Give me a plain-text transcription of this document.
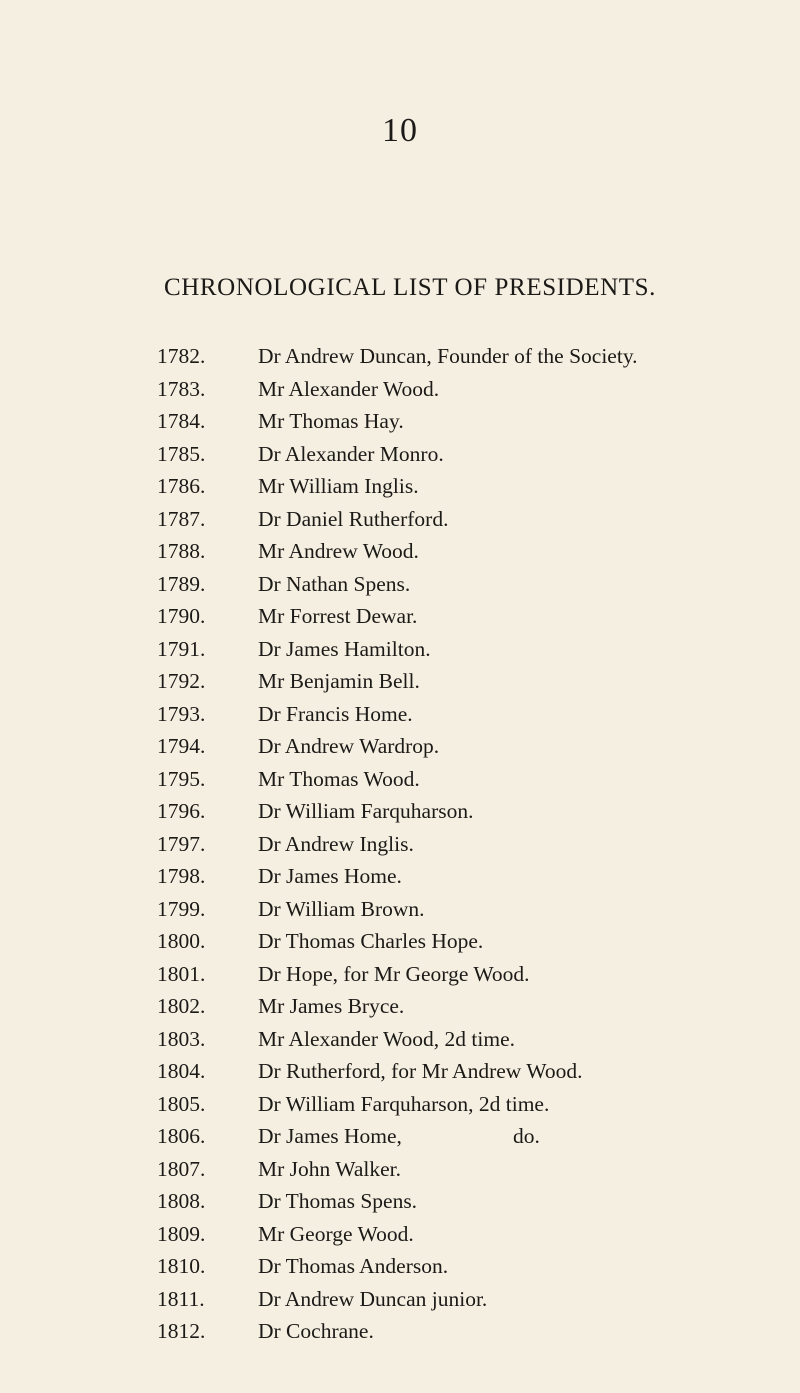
10
CHRONOLOGICAL LIST OF PRESIDENTS.
1782.	Dr Andrew Duncan, Founder of the Society.
1783.	Mr Alexander Wood.
1784.	Mr Thomas Hay.
1785.	Dr Alexander Monro.
1786.	Mr William Inglis.
1787.	Dr Daniel Rutherford.
1788.	Mr Andrew Wood.
1789.	Dr Nathan Spens.
1790.	Mr Forrest Dewar.
1791.	Dr James Hamilton.
1792.	Mr Benjamin Bell.
1793.	Dr Francis Home.
1794.	Dr Andrew Wardrop.
1795.	Mr Thomas Wood.
1796.	Dr William Farquharson.
1797.	Dr Andrew Inglis.
1798.	Dr James Home.
1799.	Dr William Brown.
1800.	Dr Thomas Charles Hope.
1801.	Dr Hope, for Mr George Wood.
1802.	Mr James Bryce.
1803.	Mr Alexander Wood, 2d time.
1804.	Dr Rutherford, for Mr Andrew Wood.
1805.	Dr William Farquharson, 2d time.
1806.	Dr James Home,	do.
1807.	Mr John Walker.
1808.	Dr Thomas Spens.
1809.	Mr George Wood.
1810.	Dr Thomas Anderson.
1811.	Dr Andrew Duncan junior.
1812.	Dr Cochrane.
